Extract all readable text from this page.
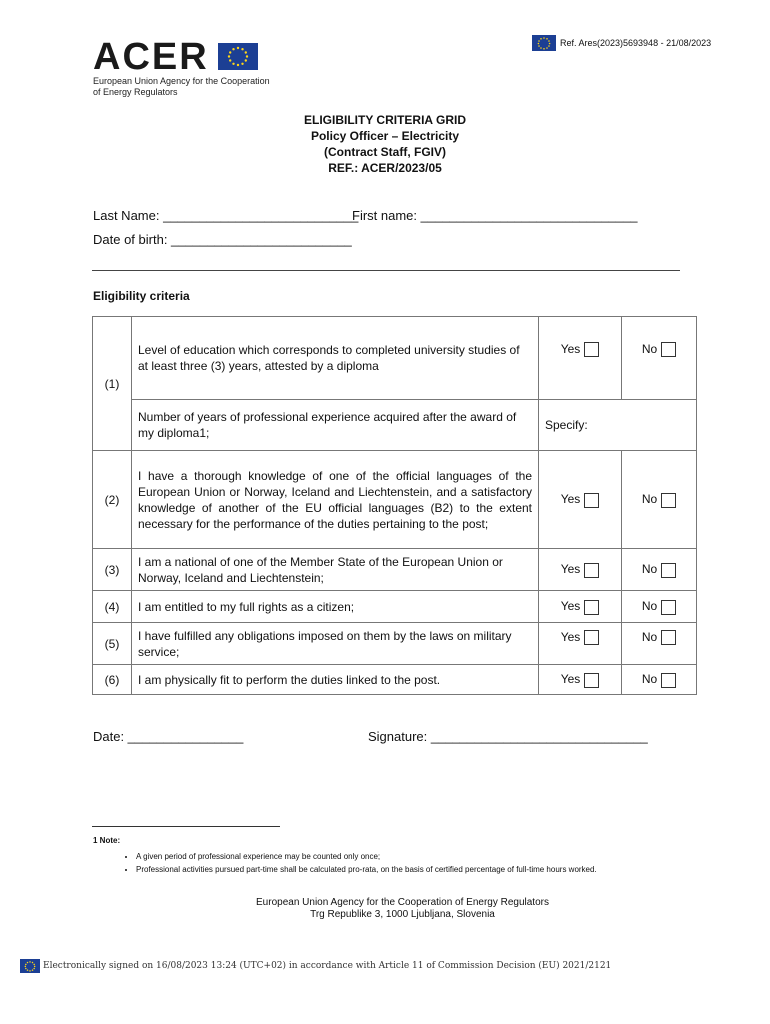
Ref. Ares(2023)5693948 - 21/08/2023
ACER
European Union Agency for the Cooperation
of Energy Regulators
ELIGIBILITY CRITERIA GRID
Policy Officer – Electricity
(Contract Staff, FGIV)
REF.: ACER/2023/05
Last Name: ___________________________
First name: ______________________________
Date of birth: _________________________
Eligibility criteria
(1)	Level of education which corresponds to completed university studies of at least three (3) years, attested by a diploma	Yes	No
	Number of years of professional experience acquired after the award of my diploma1;	Specify:	
(2)	I have a thorough knowledge of one of the official languages of the European Union or Norway, Iceland and Liechtenstein, and a satisfactory knowledge of another of the EU official languages (B2) to the extent necessary for the performance of the duties pertaining to the post;	Yes	No
(3)	I am a national of one of the Member State of the European Union or Norway, Iceland and Liechtenstein;	Yes	No
(4)	I am entitled to my full rights as a citizen;	Yes	No
(5)	I have fulfilled any obligations imposed on them by the laws on military service;	Yes	No
(6)	I am physically fit to perform the duties linked to the post.	Yes	No
Date: ________________	Signature: ______________________________
1 Note:
• A given period of professional experience may be counted only once;
• Professional activities pursued part-time shall be calculated pro-rata, on the basis of certified percentage of full-time hours worked.
European Union Agency for the Cooperation of Energy Regulators
Trg Republike 3, 1000 Ljubljana, Slovenia
Electronically signed on 16/08/2023 13:24 (UTC+02) in accordance with Article 11 of Commission Decision (EU) 2021/2121
